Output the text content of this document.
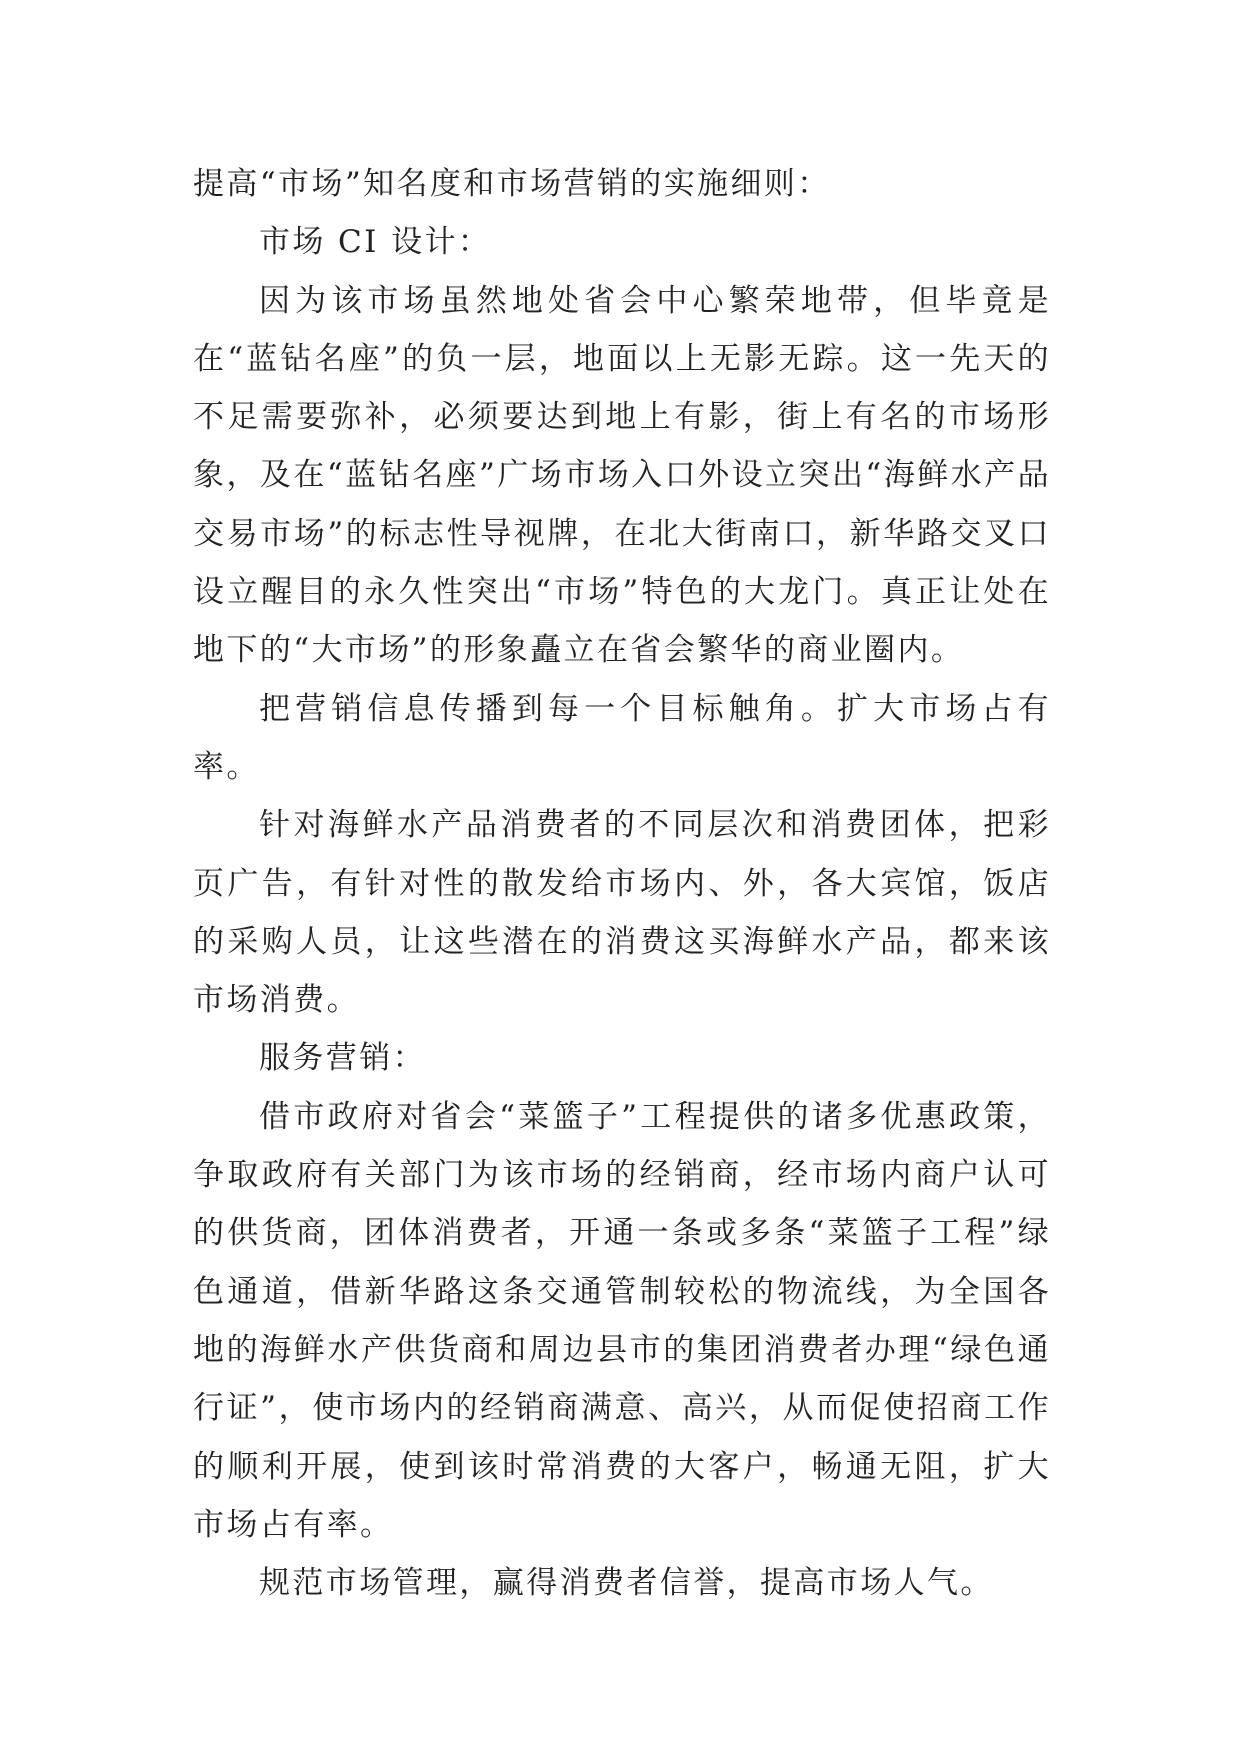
提高“市场”知名度和市场营销的实施细则：

市场 CI 设计：

因为该市场虽然地处省会中心繁荣地带，但毕竟是在“蓝钻名座”的负一层，地面以上无影无踪。这一先天的不足需要弥补，必须要达到地上有影，街上有名的市场形象，及在“蓝钻名座”广场市场入口外设立突出“海鲜水产品交易市场”的标志性导视牌，在北大街南口，新华路交叉口设立醒目的永久性突出“市场”特色的大龙门。真正让处在地下的“大市场”的形象矗立在省会繁华的商业圈内。

把营销信息传播到每一个目标触角。扩大市场占有率。

针对海鲜水产品消费者的不同层次和消费团体，把彩页广告，有针对性的散发给市场内、外，各大宾馆，饭店的采购人员，让这些潜在的消费这买海鲜水产品，都来该市场消费。

服务营销：

借市政府对省会“菜篮子”工程提供的诸多优惠政策，争取政府有关部门为该市场的经销商，经市场内商户认可的供货商，团体消费者，开通一条或多条“菜篮子工程”绿色通道，借新华路这条交通管制较松的物流线，为全国各地的海鲜水产供货商和周边县市的集团消费者办理“绿色通行证”，使市场内的经销商满意、高兴，从而促使招商工作的顺利开展，使到该时常消费的大客户，畅通无阻，扩大市场占有率。

规范市场管理，赢得消费者信誉，提高市场人气。
